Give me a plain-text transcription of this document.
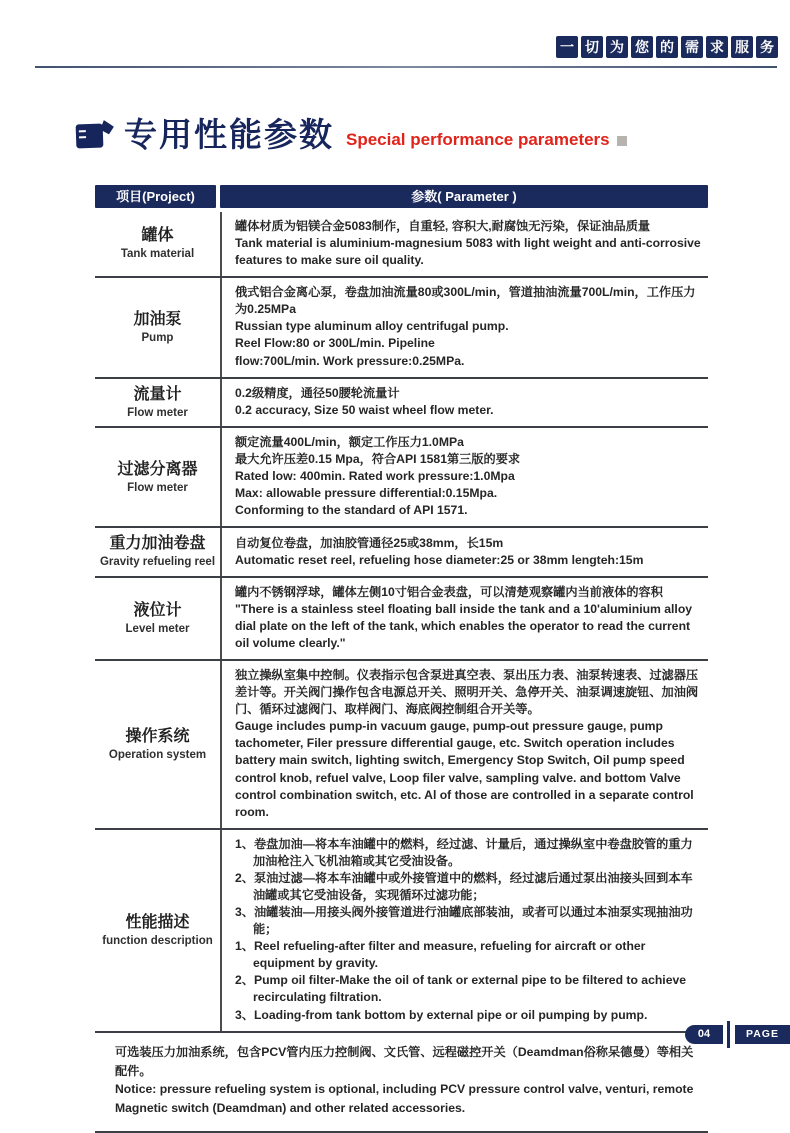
一 切 为 您 的 需 求 服 务
专用性能参数 Special performance parameters
项目(Project)	参数( Parameter )
罐体
Tank material
罐体材质为铝镁合金5083制作，自重轻, 容积大,耐腐蚀无污染，保证油品质量
Tank material is aluminium-magnesium 5083 with light weight and anti-corrosive features to make sure oil quality.
加油泵
Pump
俄式铝合金离心泵，卷盘加油流量80或300L/min，管道抽油流量700L/min，工作压力为0.25MPa
Russian type aluminum alloy centrifugal pump.
Reel Flow:80 or 300L/min. Pipeline
flow:700L/min. Work pressure:0.25MPa.
流量计
Flow meter
0.2级精度，通径50腰轮流量计
0.2 accuracy, Size 50 waist wheel flow meter.
过滤分离器
Flow meter
额定流量400L/min，额定工作压力1.0MPa
最大允许压差0.15 Mpa，符合API 1581第三版的要求
Rated low: 400min. Rated work pressure:1.0Mpa
Max: allowable pressure differential:0.15Mpa.
Conforming to the standard of API 1571.
重力加油卷盘
Gravity refueling reel
自动复位卷盘，加油胶管通径25或38mm，长15m
Automatic reset reel, refueling hose diameter:25 or 38mm lengteh:15m
液位计
Level meter
罐内不锈钢浮球，罐体左侧10寸铝合金表盘，可以清楚观察罐内当前液体的容积
"There is a stainless steel floating ball inside the tank and a 10'aluminium alloy dial plate on the left of the tank, which enables the operator to read the current oil volume clearly."
操作系统
Operation system
独立操纵室集中控制。仪表指示包含泵进真空表、泵出压力表、油泵转速表、过滤器压差计等。开关阀门操作包含电源总开关、照明开关、急停开关、油泵调速旋钮、加油阀门、循环过滤阀门、取样阀门、海底阀控制组合开关等。
Gauge includes pump-in vacuum gauge, pump-out pressure gauge, pump tachometer, Filer pressure differential gauge, etc. Switch operation includes battery main switch, lighting switch, Emergency Stop Switch, Oil pump speed control knob, refuel valve, Loop filer valve, sampling valve. and bottom Valve control combination switch, etc. Al of those are controlled in a separate control room.
性能描述
function description
1、卷盘加油—将本车油罐中的燃料，经过滤、计量后，通过操纵室中卷盘胶管的重力加油枪注入飞机油箱或其它受油设备。
2、泵油过滤—将本车油罐中或外接管道中的燃料，经过滤后通过泵出油接头回到本车油罐或其它受油设备，实现循环过滤功能；
3、油罐装油—用接头阀外接管道进行油罐底部装油，或者可以通过本油泵实现抽油功能；
1、Reel refueling-after filter and measure, refueling for aircraft or other equipment by gravity.
2、Pump oil filter-Make the oil of tank or external pipe to be filtered to achieve recirculating filtration.
3、Loading-from tank bottom by external pipe or oil pumping by pump.
可选装压力加油系统，包含PCV管内压力控制阀、文氏管、远程磁控开关（Deamdman俗称呆德曼）等相关配件。
Notice: pressure refueling system is optional, including PCV pressure control valve, venturi, remote Magnetic switch (Deamdman) and other related accessories.
04	PAGE
